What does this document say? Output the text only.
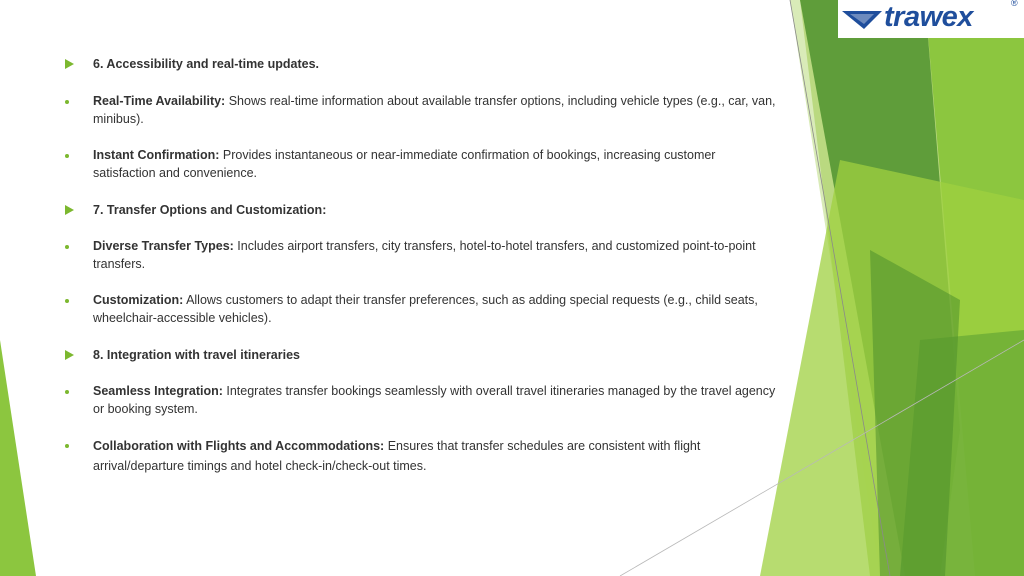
trawex	®
6. Accessibility and real-time updates.
Real-Time Availability: Shows real-time information about available transfer options, including vehicle types (e.g., car, van, minibus).
Instant Confirmation: Provides instantaneous or near-immediate confirmation of bookings, increasing customer satisfaction and convenience.
7. Transfer Options and Customization:
Diverse Transfer Types: Includes airport transfers, city transfers, hotel-to-hotel transfers, and customized point-to-point transfers.
Customization: Allows customers to adapt their transfer preferences, such as adding special requests (e.g., child seats, wheelchair-accessible vehicles).
8. Integration with travel itineraries
Seamless Integration: Integrates transfer bookings seamlessly with overall travel itineraries managed by the travel agency or booking system.
Collaboration with Flights and Accommodations: Ensures that transfer schedules are consistent with flight arrival/departure timings and hotel check-in/check-out times.
